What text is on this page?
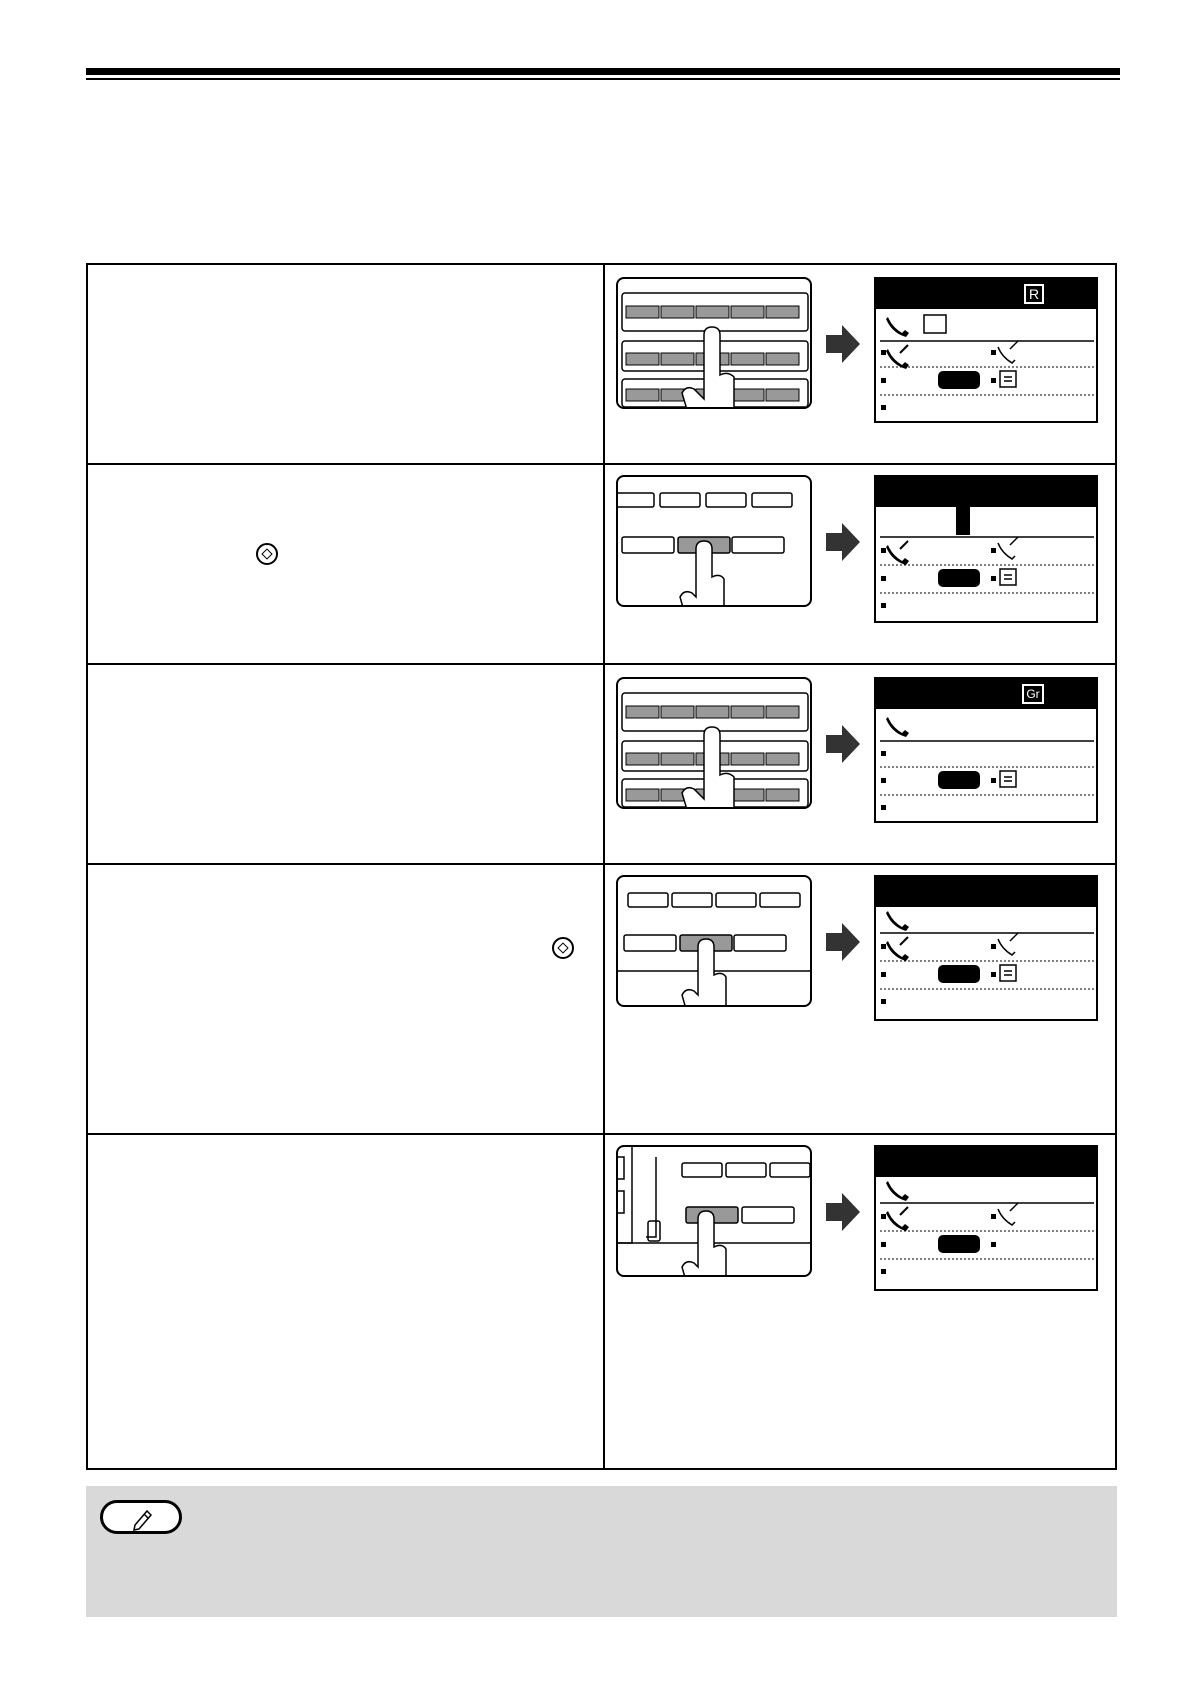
R
Gr
